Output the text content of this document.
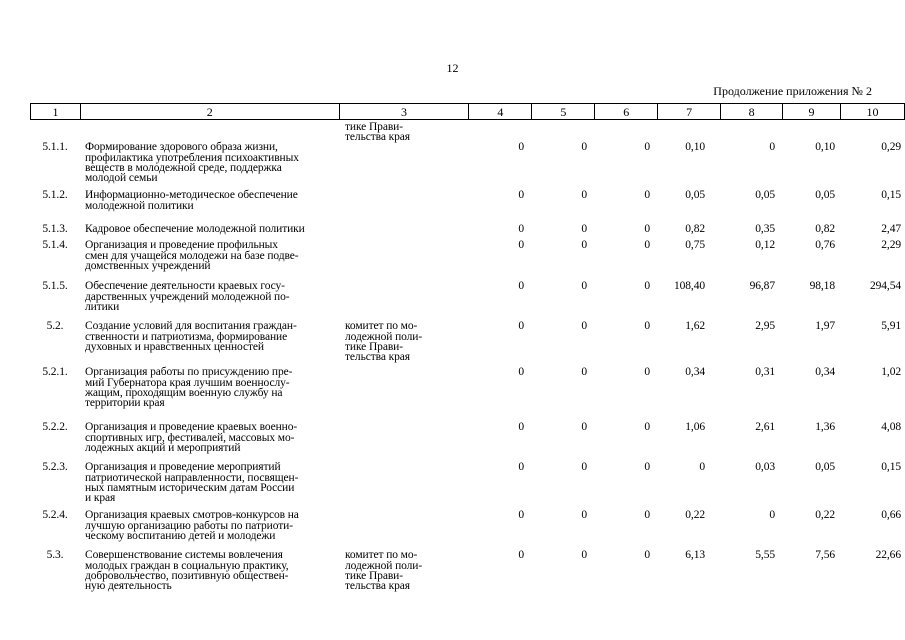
12
Продолжение приложения № 2
1	2	3	4	5	6	7	8	9	10
		тике Прави-
тельства края							
5.1.1.	Формирование здорового образа жизни,
профилактика употребления психоактивных
веществ в молодежной среде, поддержка
молодой семьи		0	0	0	0,10	0	0,10	0,29
5.1.2.	Информационно-методическое обеспечение
молодежной политики		0	0	0	0,05	0,05	0,05	0,15
5.1.3.	Кадровое обеспечение молодежной политики		0	0	0	0,82	0,35	0,82	2,47
5.1.4.	Организация и проведение профильных
смен для учащейся молодежи на базе подве-
домственных учреждений		0	0	0	0,75	0,12	0,76	2,29
5.1.5.	Обеспечение деятельности краевых госу-
дарственных учреждений молодежной по-
литики		0	0	0	108,40	96,87	98,18	294,54
5.2.	Создание условий для воспитания граждан-
ственности и патриотизма, формирование
духовных и нравственных ценностей	комитет по мо-
лодежной поли-
тике Прави-
тельства края	0	0	0	1,62	2,95	1,97	5,91
5.2.1.	Организация работы по присуждению пре-
мий Губернатора края лучшим военнослу-
жащим, проходящим военную службу на
территории края		0	0	0	0,34	0,31	0,34	1,02
5.2.2.	Организация и проведение краевых военно-
спортивных игр, фестивалей, массовых мо-
лодежных акций и мероприятий		0	0	0	1,06	2,61	1,36	4,08
5.2.3.	Организация и проведение мероприятий
патриотической направленности, посвящен-
ных памятным историческим датам России
и края		0	0	0	0	0,03	0,05	0,15
5.2.4.	Организация краевых смотров-конкурсов на
лучшую организацию работы по патриоти-
ческому воспитанию детей и молодежи		0	0	0	0,22	0	0,22	0,66
5.3.	Совершенствование системы вовлечения
молодых граждан в социальную практику,
добровольчество, позитивную обществен-
ную деятельность	комитет по мо-
лодежной поли-
тике Прави-
тельства края	0	0	0	6,13	5,55	7,56	22,66
